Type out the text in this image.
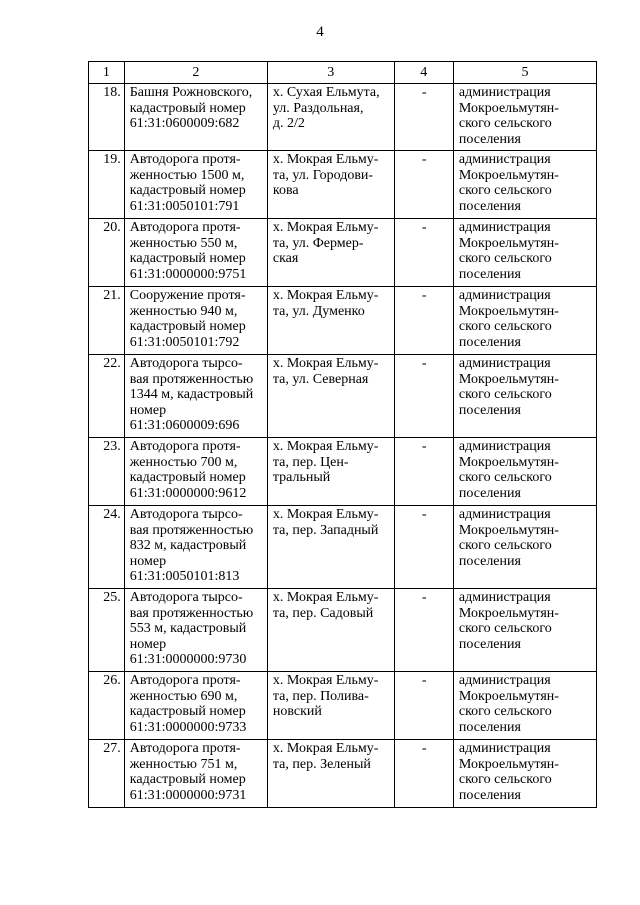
4
1	2	3	4	5
18.	Башня Рожновского,
кадастровый номер
61:31:0600009:682	х. Сухая Ельмута,
ул. Раздольная,
д. 2/2	-	администрация
Мокроельмутян-
ского сельского
поселения

19.	Автодорога протя-
женностью 1500 м,
кадастровый номер
61:31:0050101:791	х. Мокрая Ельму-
та, ул. Городови-
кова	-	администрация
Мокроельмутян-
ского сельского
поселения

20.	Автодорога протя-
женностью 550 м,
кадастровый номер
61:31:0000000:9751	х. Мокрая Ельму-
та, ул. Фермер-
ская	-	администрация
Мокроельмутян-
ского сельского
поселения

21.	Сооружение протя-
женностью 940 м,
кадастровый номер
61:31:0050101:792	х. Мокрая Ельму-
та, ул. Думенко	-	администрация
Мокроельмутян-
ского сельского
поселения

22.	Автодорога тырсо-
вая протяженностью
1344 м, кадастровый
номер
61:31:0600009:696	х. Мокрая Ельму-
та, ул. Северная	-	администрация
Мокроельмутян-
ского сельского
поселения

23.	Автодорога протя-
женностью 700 м,
кадастровый номер
61:31:0000000:9612	х. Мокрая Ельму-
та, пер. Цен-
тральный	-	администрация
Мокроельмутян-
ского сельского
поселения

24.	Автодорога тырсо-
вая протяженностью
832 м, кадастровый
номер
61:31:0050101:813	х. Мокрая Ельму-
та, пер. Западный	-	администрация
Мокроельмутян-
ского сельского
поселения

25.	Автодорога тырсо-
вая протяженностью
553 м, кадастровый
номер
61:31:0000000:9730	х. Мокрая Ельму-
та, пер. Садовый	-	администрация
Мокроельмутян-
ского сельского
поселения

26.	Автодорога протя-
женностью 690 м,
кадастровый номер
61:31:0000000:9733	х. Мокрая Ельму-
та, пер. Полива-
новский	-	администрация
Мокроельмутян-
ского сельского
поселения

27.	Автодорога протя-
женностью 751 м,
кадастровый номер
61:31:0000000:9731	х. Мокрая Ельму-
та, пер. Зеленый	-	администрация
Мокроельмутян-
ского сельского
поселения
